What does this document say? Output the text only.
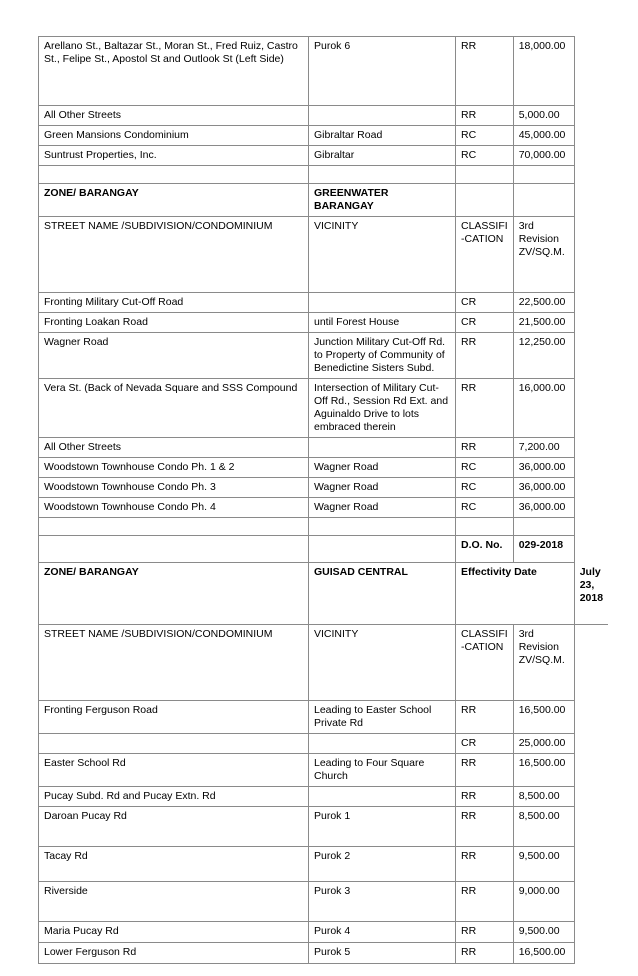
Arellano St., Baltazar St., Moran St., Fred Ruiz, Castro St., Felipe St., Apostol St and Outlook St (Left Side)	Purok 6	RR	18,000.00	
All Other Streets		RR	5,000.00	
Green Mansions Condominium	Gibraltar Road	RC	45,000.00	
Suntrust Properties, Inc.	Gibraltar	RC	70,000.00	

ZONE/ BARANGAY	GREENWATER BARANGAY			
STREET NAME /SUBDIVISION/CONDOMINIUM	VICINITY	CLASSIFI -CATION	3rd Revision ZV/SQ.M.	
Fronting Military Cut-Off Road		CR	22,500.00	
Fronting Loakan Road	until Forest House	CR	21,500.00	
Wagner Road	Junction Military Cut-Off Rd. to Property of Community of Benedictine Sisters Subd.	RR	12,250.00	
Vera St. (Back of Nevada Square and SSS Compound	Intersection of Military Cut-Off Rd., Session Rd Ext. and Aguinaldo Drive to lots embraced therein	RR	16,000.00	
All Other Streets		RR	7,200.00	
Woodstown Townhouse Condo Ph. 1 & 2	Wagner Road	RC	36,000.00	
Woodstown Townhouse Condo Ph. 3	Wagner Road	RC	36,000.00	
Woodstown Townhouse Condo Ph. 4	Wagner Road	RC	36,000.00	

		D.O. No.	029-2018	
ZONE/ BARANGAY	GUISAD CENTRAL	Effectivity Date		July 23, 2018
STREET NAME /SUBDIVISION/CONDOMINIUM	VICINITY	CLASSIFI -CATION	3rd Revision ZV/SQ.M.	
Fronting Ferguson Road	Leading to Easter School Private Rd	RR	16,500.00	
		CR	25,000.00	
Easter School Rd	Leading to Four Square Church	RR	16,500.00	
Pucay Subd. Rd and Pucay Extn. Rd		RR	8,500.00	
Daroan Pucay Rd	Purok 1	RR	8,500.00	
Tacay Rd	Purok 2	RR	9,500.00	
Riverside	Purok 3	RR	9,000.00	
Maria Pucay Rd	Purok 4	RR	9,500.00	
Lower Ferguson Rd	Purok 5	RR	16,500.00	
